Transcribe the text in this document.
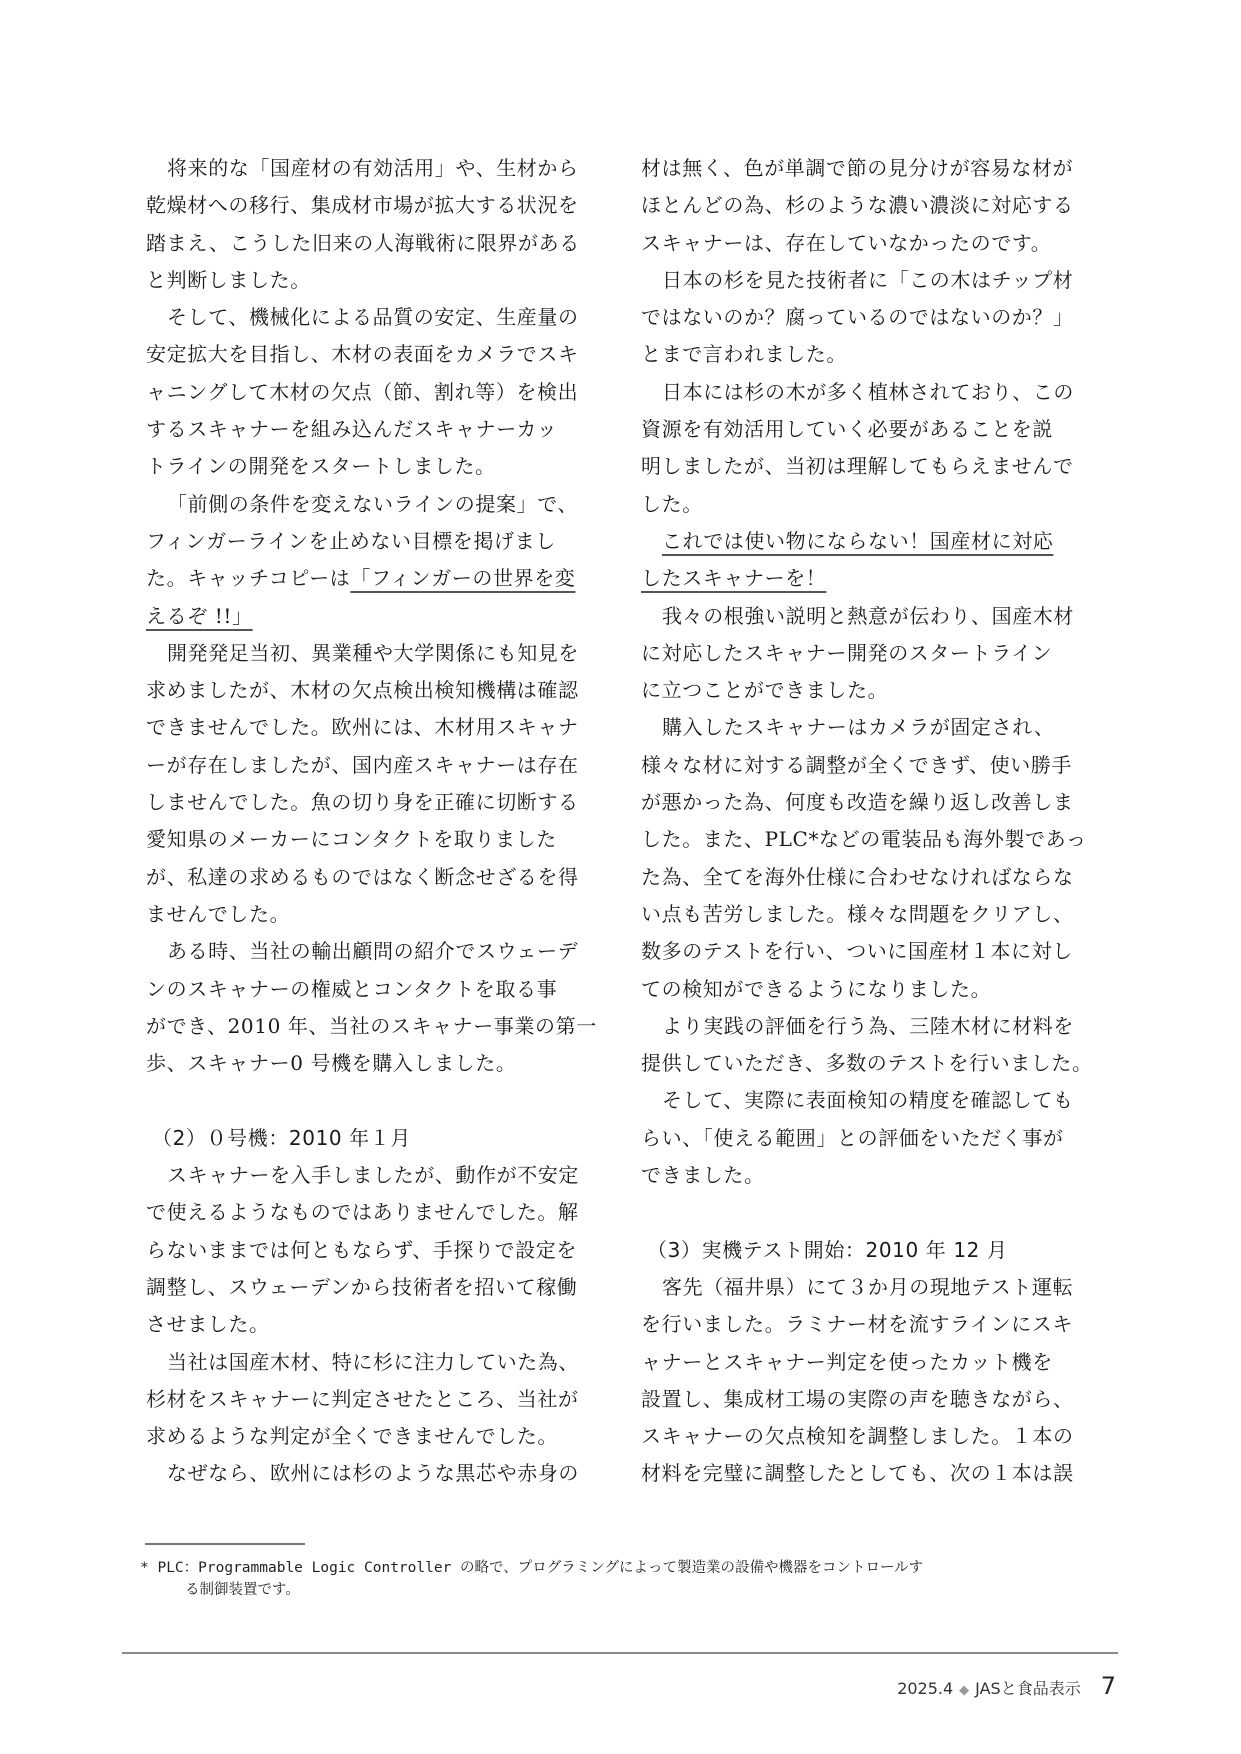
将来的な「国産材の有効活用」や、生材から
乾燥材への移行、集成材市場が拡大する状況を
踏まえ、こうした旧来の人海戦術に限界がある
と判断しました。
そして、機械化による品質の安定、生産量の
安定拡大を目指し、木材の表面をカメラでスキ
ャニングして木材の欠点（節、割れ等）を検出
するスキャナーを組み込んだスキャナーカッ
トラインの開発をスタートしました。
「前側の条件を変えないラインの提案」で、
フィンガーラインを止めない目標を掲げまし
た。キャッチコピーは「フィンガーの世界を変
えるぞ !!」
開発発足当初、異業種や大学関係にも知見を
求めましたが、木材の欠点検出検知機構は確認
できませんでした。欧州には、木材用スキャナ
ーが存在しましたが、国内産スキャナーは存在
しませんでした。魚の切り身を正確に切断する
愛知県のメーカーにコンタクトを取りました
が、私達の求めるものではなく断念せざるを得
ませんでした。
ある時、当社の輸出顧問の紹介でスウェーデ
ンのスキャナーの権威とコンタクトを取る事
ができ、2010 年、当社のスキャナー事業の第一
歩、スキャナー0 号機を購入しました。
（2）０号機：2010 年１月
スキャナーを入手しましたが、動作が不安定
で使えるようなものではありませんでした。解
らないままでは何ともならず、手探りで設定を
調整し、スウェーデンから技術者を招いて稼働
させました。
当社は国産木材、特に杉に注力していた為、
杉材をスキャナーに判定させたところ、当社が
求めるような判定が全くできませんでした。
なぜなら、欧州には杉のような黒芯や赤身の
材は無く、色が単調で節の見分けが容易な材が
ほとんどの為、杉のような濃い濃淡に対応する
スキャナーは、存在していなかったのです。
日本の杉を見た技術者に「この木はチップ材
ではないのか？腐っているのではないのか？」
とまで言われました。
日本には杉の木が多く植林されており、この
資源を有効活用していく必要があることを説
明しましたが、当初は理解してもらえませんで
した。
これでは使い物にならない！国産材に対応
したスキャナーを！
我々の根強い説明と熱意が伝わり、国産木材
に対応したスキャナー開発のスタートライン
に立つことができました。
購入したスキャナーはカメラが固定され、
様々な材に対する調整が全くできず、使い勝手
が悪かった為、何度も改造を繰り返し改善しま
した。また、PLC*などの電装品も海外製であっ
た為、全てを海外仕様に合わせなければならな
い点も苦労しました。様々な問題をクリアし、
数多のテストを行い、ついに国産材１本に対し
ての検知ができるようになりました。
より実践の評価を行う為、三陸木材に材料を
提供していただき、多数のテストを行いました。
そして、実際に表面検知の精度を確認しても
らい、「使える範囲」との評価をいただく事が
できました。
（3）実機テスト開始：2010 年 12 月
客先（福井県）にて３か月の現地テスト運転
を行いました。ラミナー材を流すラインにスキ
ャナーとスキャナー判定を使ったカット機を
設置し、集成材工場の実際の声を聴きながら、
スキャナーの欠点検知を調整しました。１本の
材料を完璧に調整したとしても、次の１本は誤
* PLC：Programmable Logic Controller の略で、プログラミングによって製造業の設備や機器をコントロールす
る制御装置です。
2025.4 ◆ JASと食品表示 7
